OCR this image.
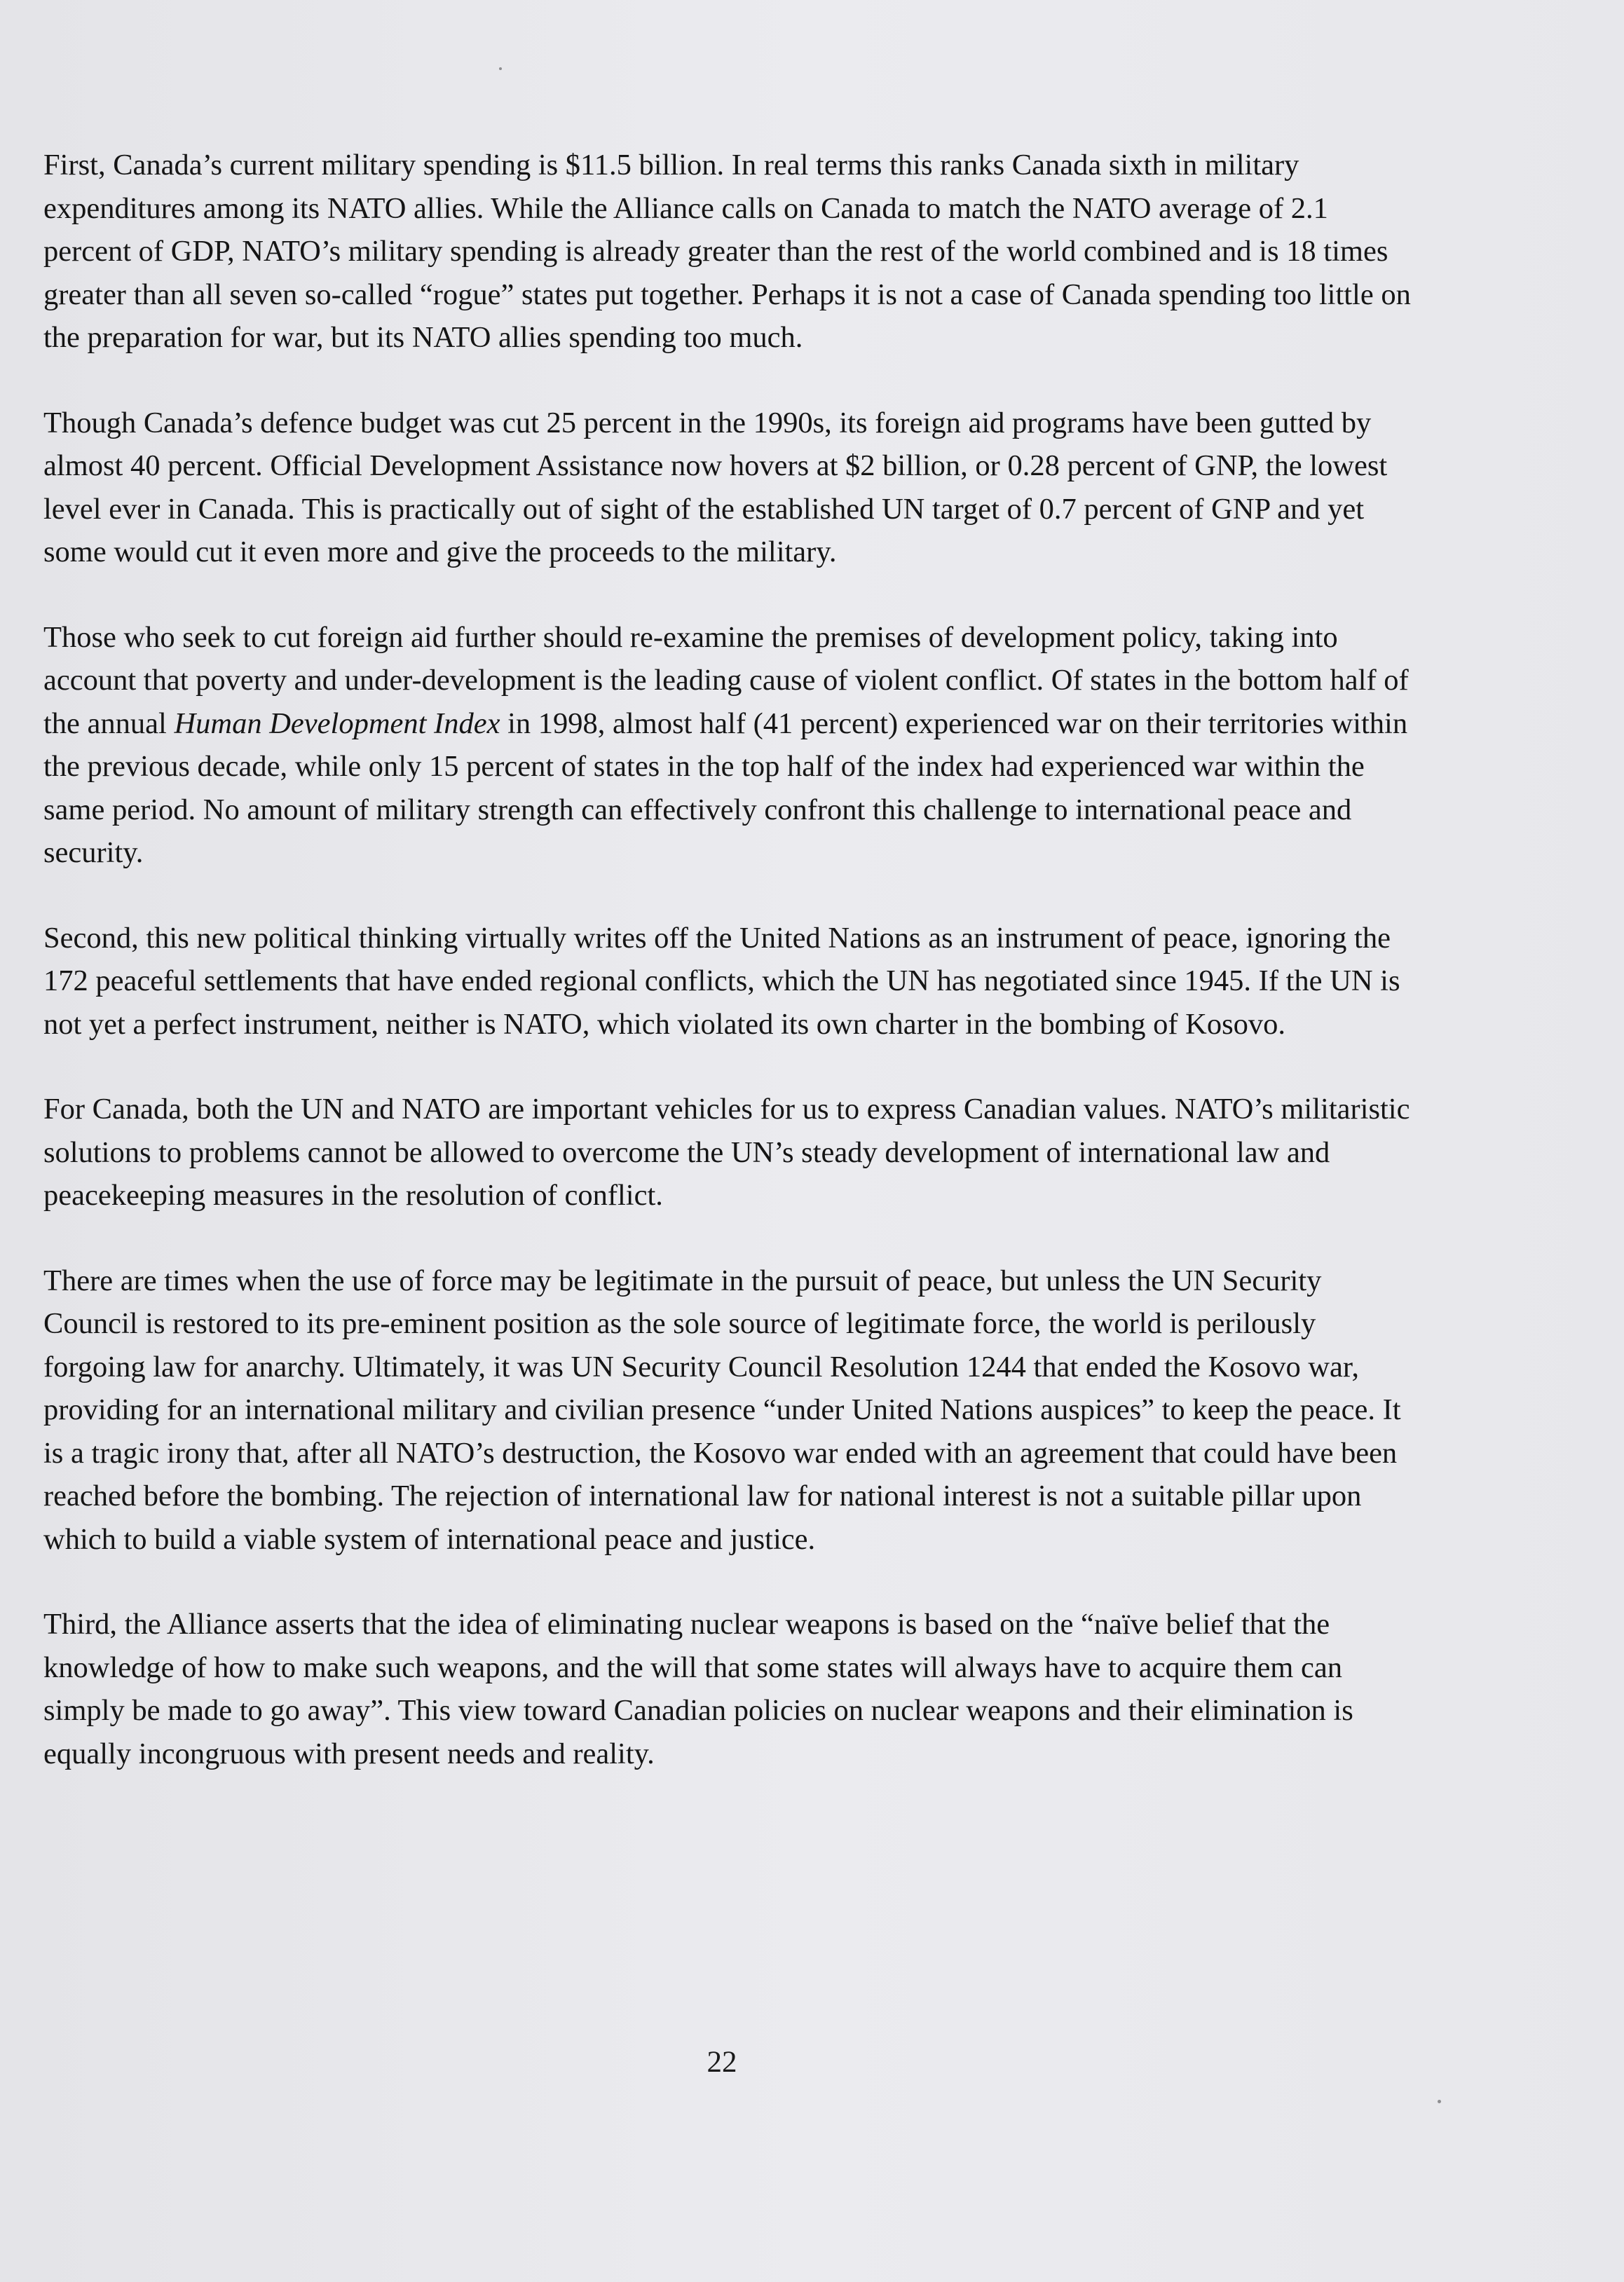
First, Canada’s current military spending is $11.5 billion. In real terms this ranks Canada sixth in military expenditures among its NATO allies. While the Alliance calls on Canada to match the NATO average of 2.1 percent of GDP, NATO’s military spending is already greater than the rest of the world combined and is 18 times greater than all seven so-called “rogue” states put together. Perhaps it is not a case of Canada spending too little on the preparation for war, but its NATO allies spending too much.

Though Canada’s defence budget was cut 25 percent in the 1990s, its foreign aid programs have been gutted by almost 40 percent. Official Development Assistance now hovers at $2 billion, or 0.28 percent of GNP, the lowest level ever in Canada. This is practically out of sight of the established UN target of 0.7 percent of GNP and yet some would cut it even more and give the proceeds to the military.

Those who seek to cut foreign aid further should re-examine the premises of development policy, taking into account that poverty and under-development is the leading cause of violent conflict. Of states in the bottom half of the annual Human Development Index in 1998, almost half (41 percent) experienced war on their territories within the previous decade, while only 15 percent of states in the top half of the index had experienced war within the same period. No amount of military strength can effectively confront this challenge to international peace and security.

Second, this new political thinking virtually writes off the United Nations as an instrument of peace, ignoring the 172 peaceful settlements that have ended regional conflicts, which the UN has negotiated since 1945. If the UN is not yet a perfect instrument, neither is NATO, which violated its own charter in the bombing of Kosovo.

For Canada, both the UN and NATO are important vehicles for us to express Canadian values. NATO’s militaristic solutions to problems cannot be allowed to overcome the UN’s steady development of international law and peacekeeping measures in the resolution of conflict.

There are times when the use of force may be legitimate in the pursuit of peace, but unless the UN Security Council is restored to its pre-eminent position as the sole source of legitimate force, the world is perilously forgoing law for anarchy. Ultimately, it was UN Security Council Resolution 1244 that ended the Kosovo war, providing for an international military and civilian presence “under United Nations auspices” to keep the peace. It is a tragic irony that, after all NATO’s destruction, the Kosovo war ended with an agreement that could have been reached before the bombing. The rejection of international law for national interest is not a suitable pillar upon which to build a viable system of international peace and justice.

Third, the Alliance asserts that the idea of eliminating nuclear weapons is based on the “naïve belief that the knowledge of how to make such weapons, and the will that some states will always have to acquire them can simply be made to go away”. This view toward Canadian policies on nuclear weapons and their elimination is equally incongruous with present needs and reality.

22
